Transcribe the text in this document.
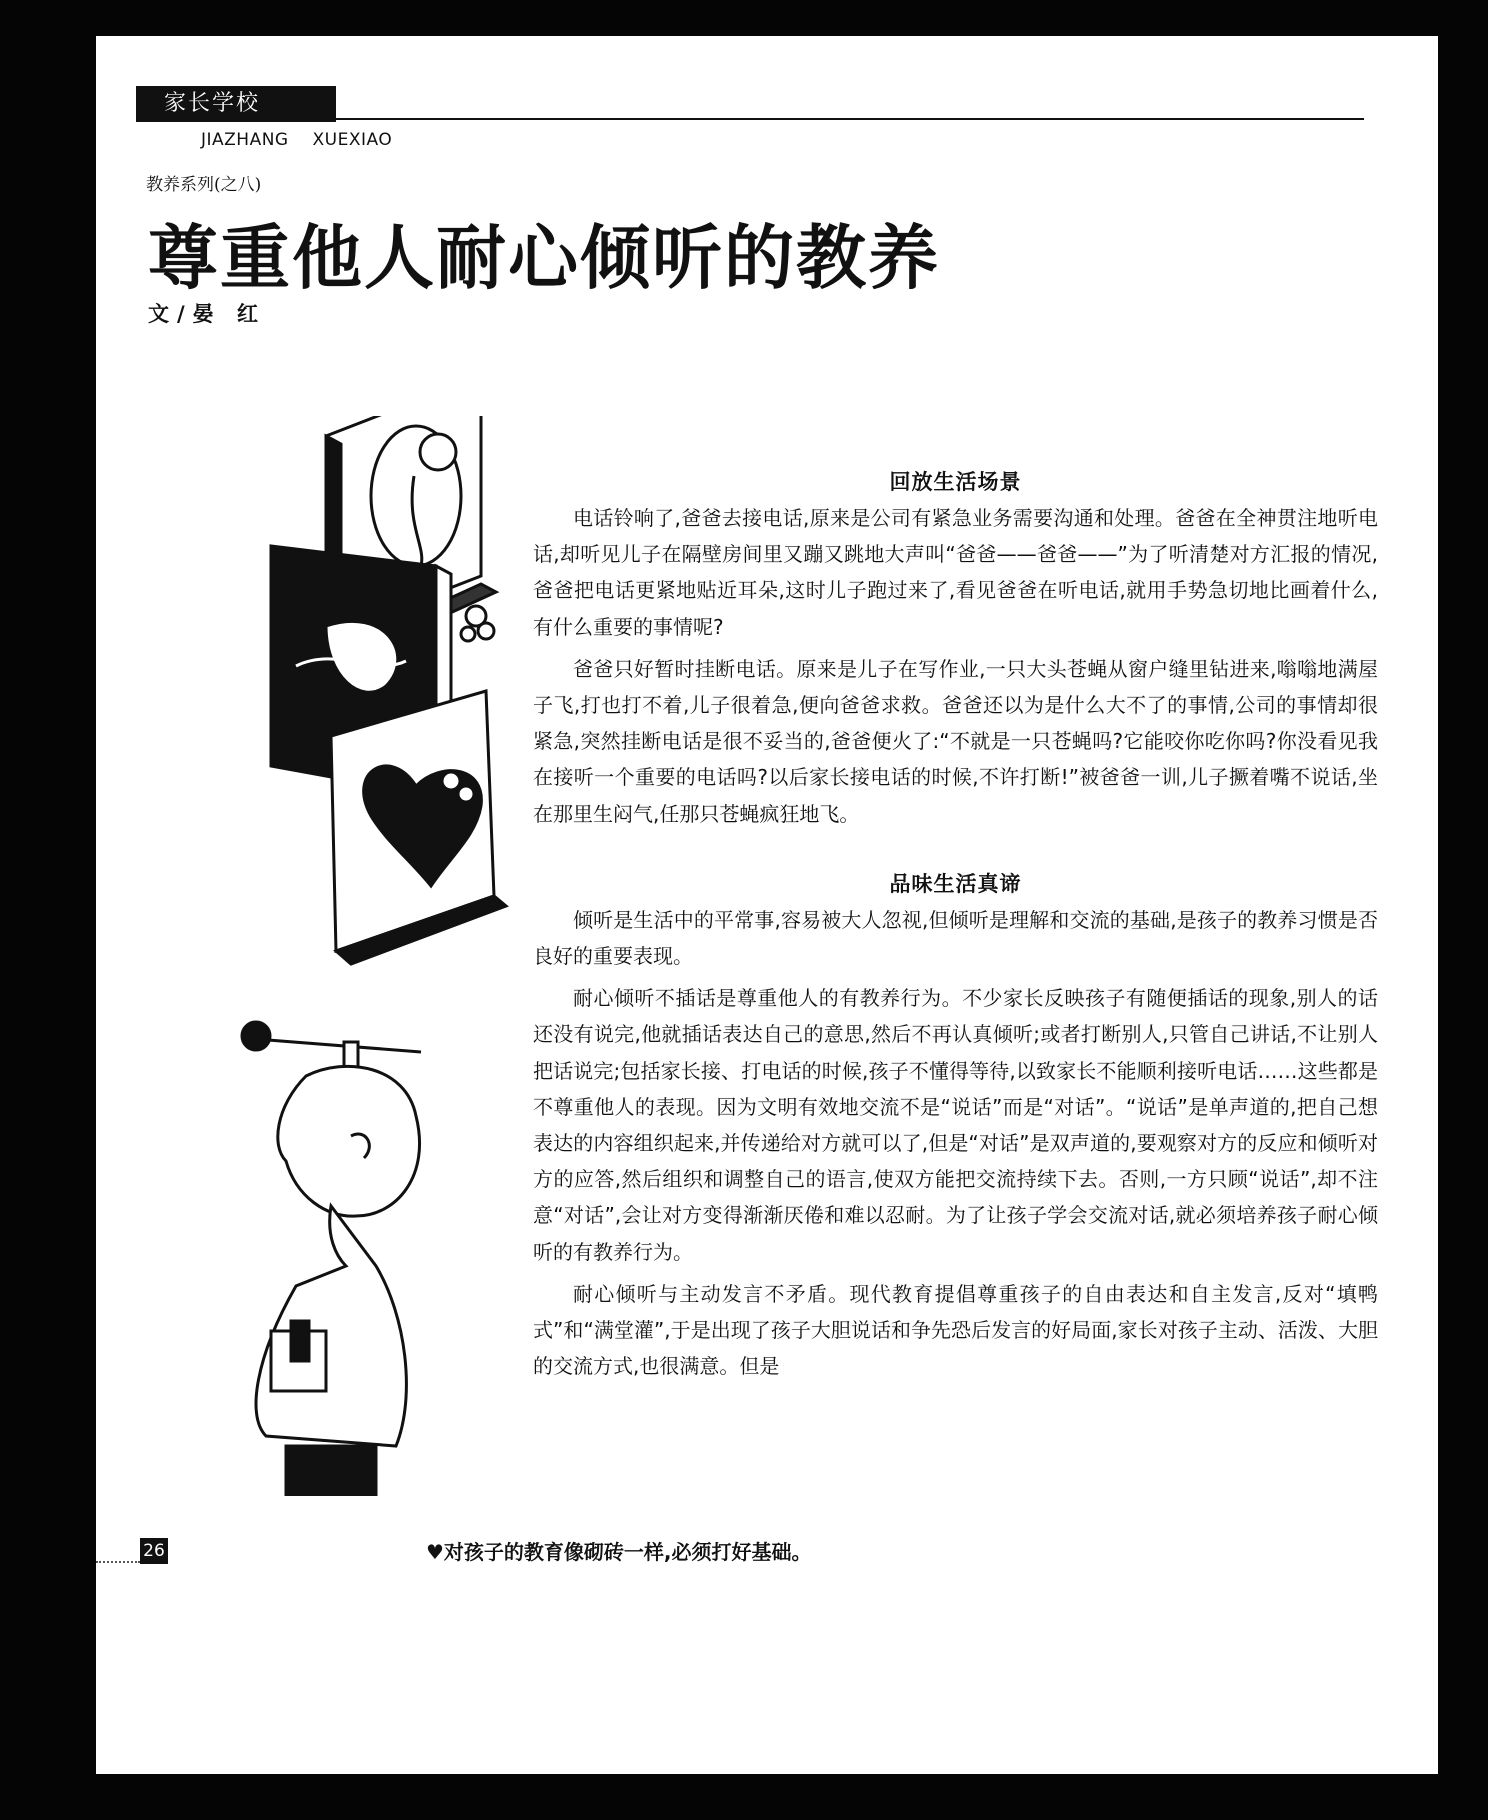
家长学校
JIAZHANG XUEXIAO
教养系列(之八)
尊重他人耐心倾听的教养
文/晏 红
回放生活场景

电话铃响了,爸爸去接电话,原来是公司有紧急业务需要沟通和处理。爸爸在全神贯注地听电话,却听见儿子在隔壁房间里又蹦又跳地大声叫“爸爸——爸爸——”为了听清楚对方汇报的情况,爸爸把电话更紧地贴近耳朵,这时儿子跑过来了,看见爸爸在听电话,就用手势急切地比画着什么,有什么重要的事情呢?

爸爸只好暂时挂断电话。原来是儿子在写作业,一只大头苍蝇从窗户缝里钻进来,嗡嗡地满屋子飞,打也打不着,儿子很着急,便向爸爸求救。爸爸还以为是什么大不了的事情,公司的事情却很紧急,突然挂断电话是很不妥当的,爸爸便火了:“不就是一只苍蝇吗?它能咬你吃你吗?你没看见我在接听一个重要的电话吗?以后家长接电话的时候,不许打断!”被爸爸一训,儿子撅着嘴不说话,坐在那里生闷气,任那只苍蝇疯狂地飞。

品味生活真谛

倾听是生活中的平常事,容易被大人忽视,但倾听是理解和交流的基础,是孩子的教养习惯是否良好的重要表现。

耐心倾听不插话是尊重他人的有教养行为。不少家长反映孩子有随便插话的现象,别人的话还没有说完,他就插话表达自己的意思,然后不再认真倾听;或者打断别人,只管自己讲话,不让别人把话说完;包括家长接、打电话的时候,孩子不懂得等待,以致家长不能顺利接听电话……这些都是不尊重他人的表现。因为文明有效地交流不是“说话”而是“对话”。“说话”是单声道的,把自己想表达的内容组织起来,并传递给对方就可以了,但是“对话”是双声道的,要观察对方的反应和倾听对方的应答,然后组织和调整自己的语言,使双方能把交流持续下去。否则,一方只顾“说话”,却不注意“对话”,会让对方变得渐渐厌倦和难以忍耐。为了让孩子学会交流对话,就必须培养孩子耐心倾听的有教养行为。

耐心倾听与主动发言不矛盾。现代教育提倡尊重孩子的自由表达和自主发言,反对“填鸭式”和“满堂灌”,于是出现了孩子大胆说话和争先恐后发言的好局面,家长对孩子主动、活泼、大胆的交流方式,也很满意。但是

26	♥对孩子的教育像砌砖一样,必须打好基础。
